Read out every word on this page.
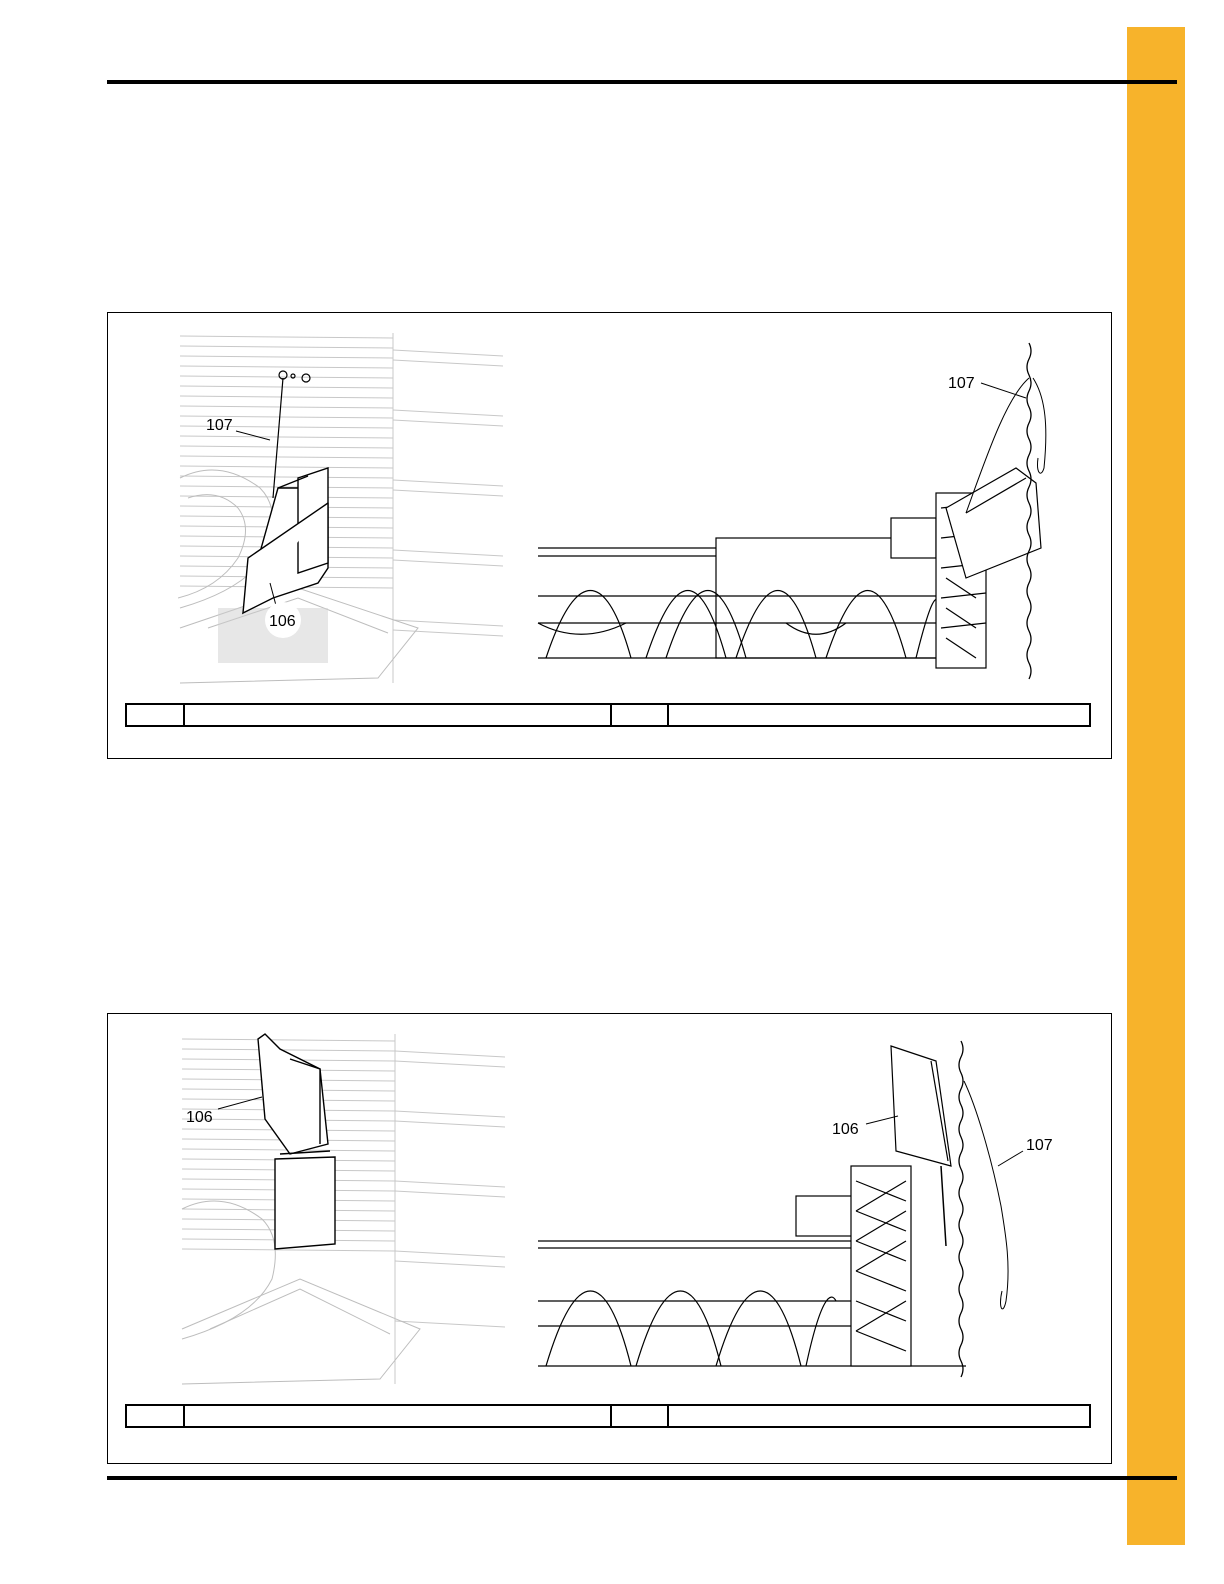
107
106
107
106
106
107
